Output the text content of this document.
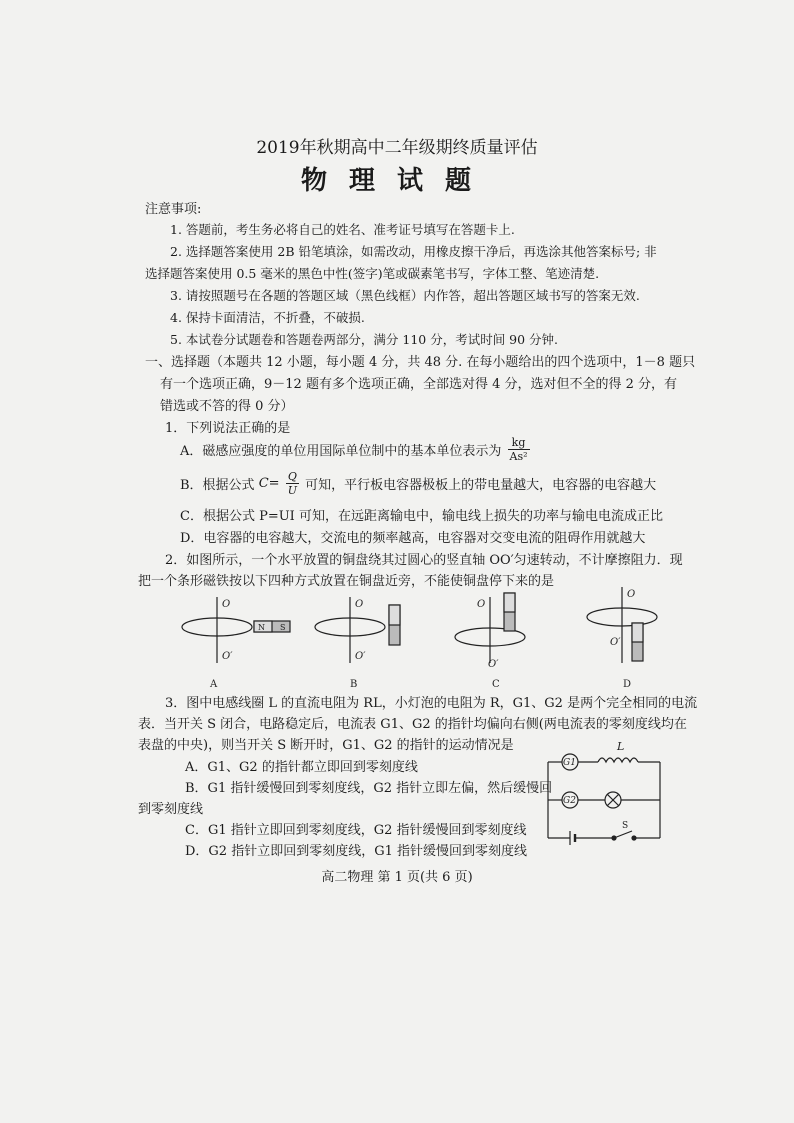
2019年秋期高中二年级期终质量评估
物理试题
注意事项:
1. 答题前，考生务必将自己的姓名、准考证号填写在答题卡上.
2. 选择题答案使用 2B 铅笔填涂，如需改动，用橡皮擦干净后，再选涂其他答案标号; 非
选择题答案使用 0.5 毫米的黑色中性(签字)笔或碳素笔书写，字体工整、笔迹清楚.
3. 请按照题号在各题的答题区域（黑色线框）内作答，超出答题区域书写的答案无效.
4. 保持卡面清洁，不折叠，不破损.
5. 本试卷分试题卷和答题卷两部分，满分 110 分，考试时间 90 分钟.
一、选择题（本题共 12 小题，每小题 4 分，共 48 分. 在每小题给出的四个选项中，1－8 题只
有一个选项正确，9－12 题有多个选项正确，全部选对得 4 分，选对但不全的得 2 分，有
错选或不答的得 0 分）
1．下列说法正确的是
A．磁感应强度的单位用国际单位制中的基本单位表示为 $\frac{kg}{\text{As²}}$
B．根据公式 $C= \frac{Q}{U}$ 可知，平行板电容器极板上的带电量越大，电容器的电容越大
C．根据公式 P=UI 可知，在远距离输电中，输电线上损失的功率与输电电流成正比
D．电容器的电容越大，交流电的频率越高，电容器对交变电流的阻碍作用就越大
2．如图所示，一个水平放置的铜盘绕其过圆心的竖直轴 OO′匀速转动，不计摩擦阻力．现
把一个条形磁铁按以下四种方式放置在铜盘近旁，不能使铜盘停下来的是
O
O′
N S
O
O′
O
O′
O
O′
A	B	C	D
3．图中电感线圈 L 的直流电阻为 RL，小灯泡的电阻为 R，G1、G2 是两个完全相同的电流
表．当开关 S 闭合，电路稳定后，电流表 G1、G2 的指针均偏向右侧(两电流表的零刻度线均在
表盘的中央)，则当开关 S 断开时，G1、G2 的指针的运动情况是
A．G1、G2 的指针都立即回到零刻度线
B．G1 指针缓慢回到零刻度线，G2 指针立即左偏，然后缓慢回
到零刻度线
C．G1 指针立即回到零刻度线，G2 指针缓慢回到零刻度线
D．G2 指针立即回到零刻度线，G1 指针缓慢回到零刻度线
G1
G2
L
S
高二物理 第 1 页(共 6 页)
